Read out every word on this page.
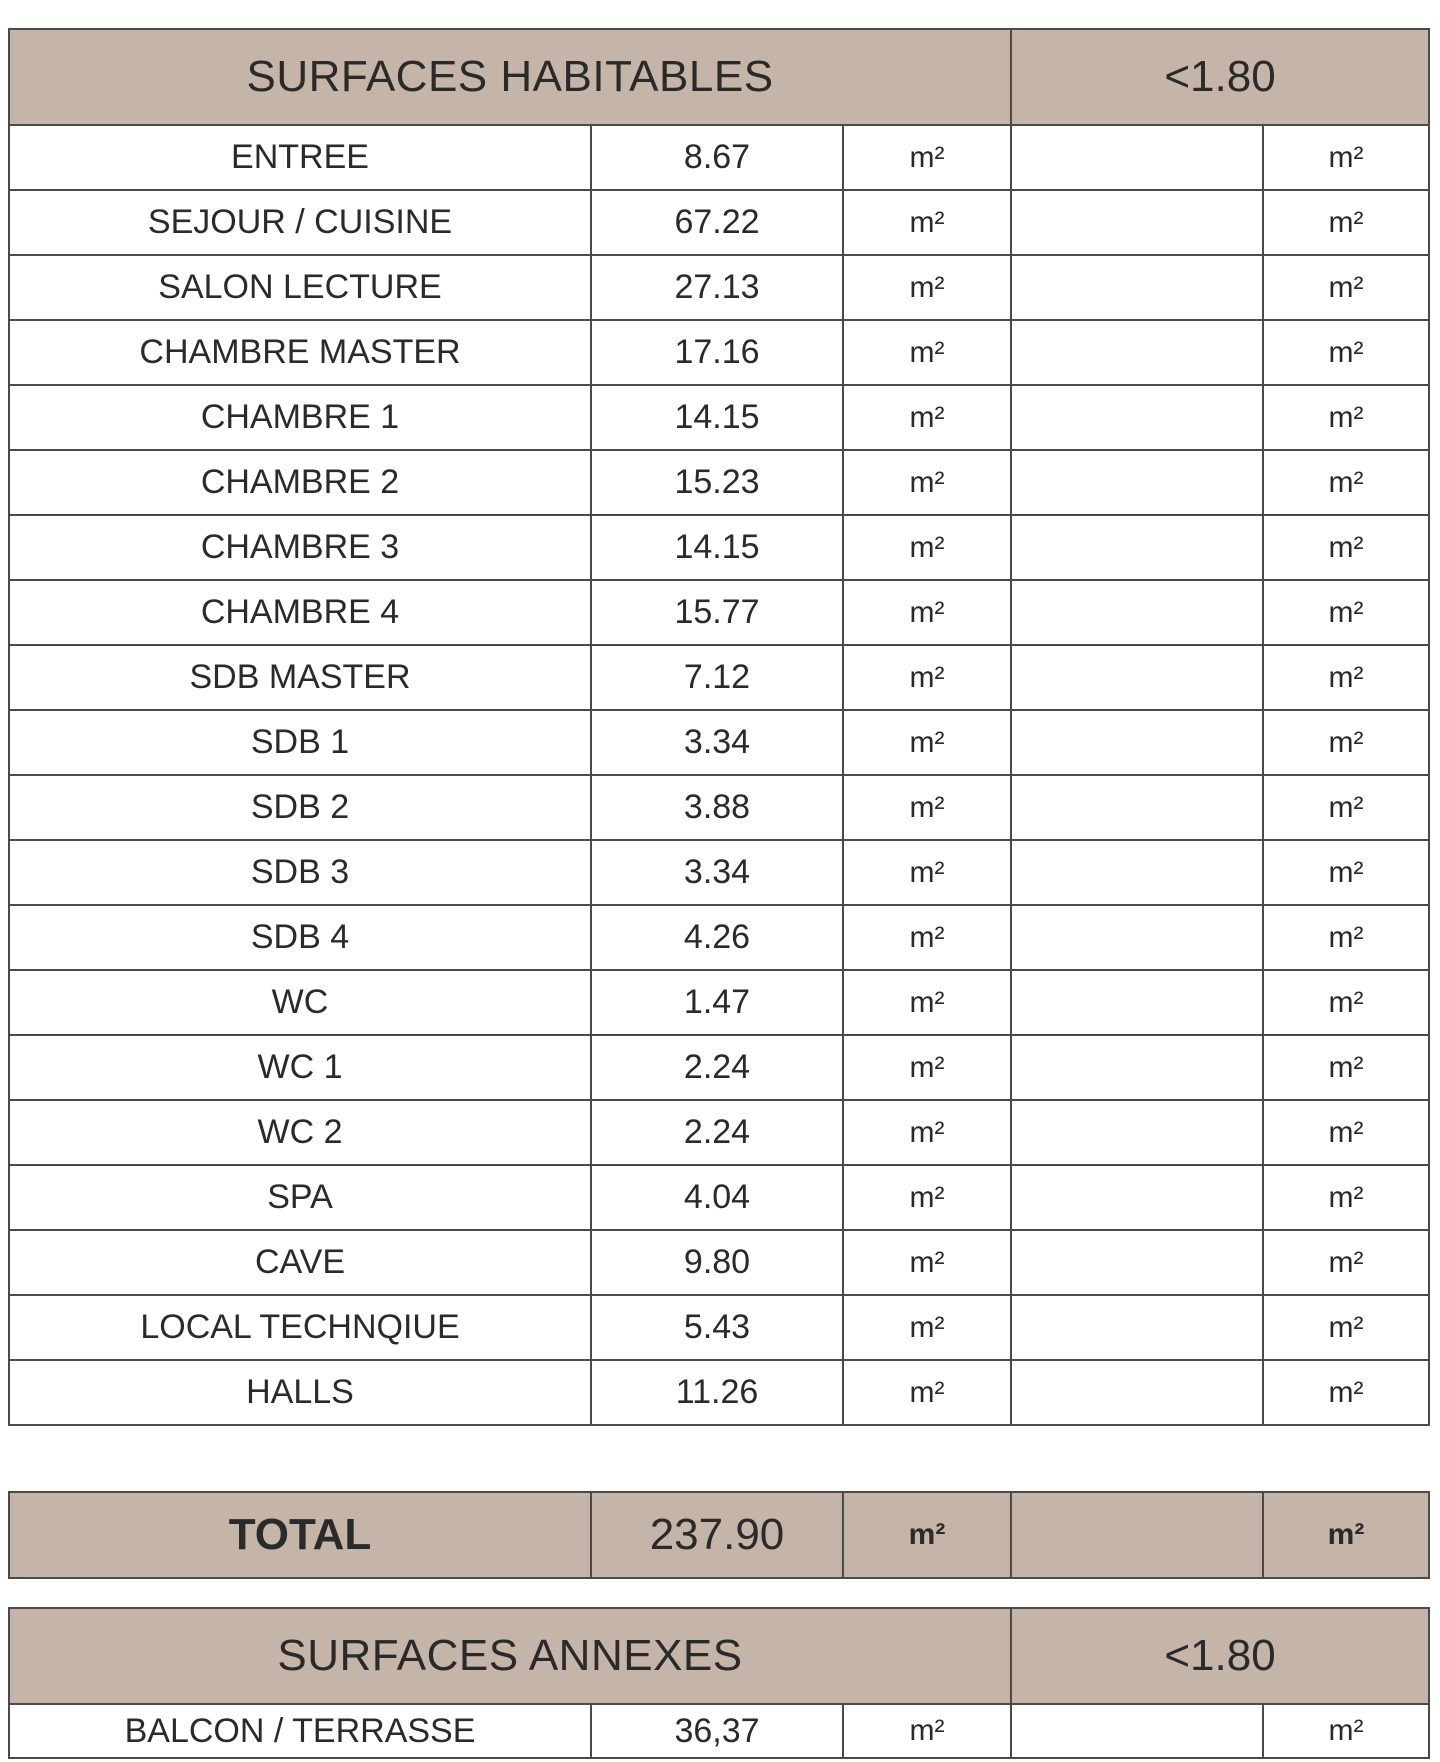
SURFACES HABITABLES			<1.80	
ENTREE	8.67	m²		m²
SEJOUR / CUISINE	67.22	m²		m²
SALON LECTURE	27.13	m²		m²
CHAMBRE MASTER	17.16	m²		m²
CHAMBRE 1	14.15	m²		m²
CHAMBRE 2	15.23	m²		m²
CHAMBRE 3	14.15	m²		m²
CHAMBRE 4	15.77	m²		m²
SDB MASTER	7.12	m²		m²
SDB 1	3.34	m²		m²
SDB 2	3.88	m²		m²
SDB 3	3.34	m²		m²
SDB 4	4.26	m²		m²
WC	1.47	m²		m²
WC 1	2.24	m²		m²
WC 2	2.24	m²		m²
SPA	4.04	m²		m²
CAVE	9.80	m²		m²
LOCAL TECHNQIUE	5.43	m²		m²
HALLS	11.26	m²		m²
TOTAL	237.90	m²		m²
SURFACES ANNEXES			<1.80	
BALCON / TERRASSE	36,37	m²		m²
